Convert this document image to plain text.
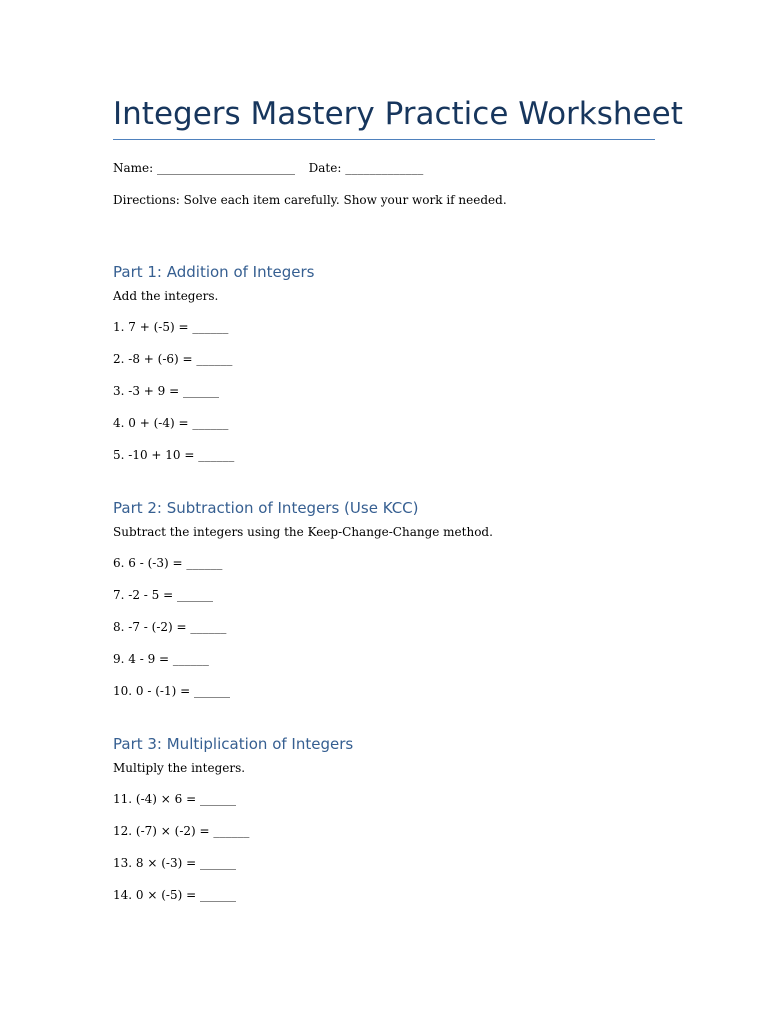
Integers Mastery Practice Worksheet

Name: _______________________ Date: _____________

Directions: Solve each item carefully. Show your work if needed.

Part 1: Addition of Integers

Add the integers.

1. 7 + (-5) = ______

2. -8 + (-6) = ______

3. -3 + 9 = ______

4. 0 + (-4) = ______

5. -10 + 10 = ______

Part 2: Subtraction of Integers (Use KCC)

Subtract the integers using the Keep-Change-Change method.

6. 6 - (-3) = ______

7. -2 - 5 = ______

8. -7 - (-2) = ______

9. 4 - 9 = ______

10. 0 - (-1) = ______

Part 3: Multiplication of Integers

Multiply the integers.

11. (-4) × 6 = ______

12. (-7) × (-2) = ______

13. 8 × (-3) = ______

14. 0 × (-5) = ______
